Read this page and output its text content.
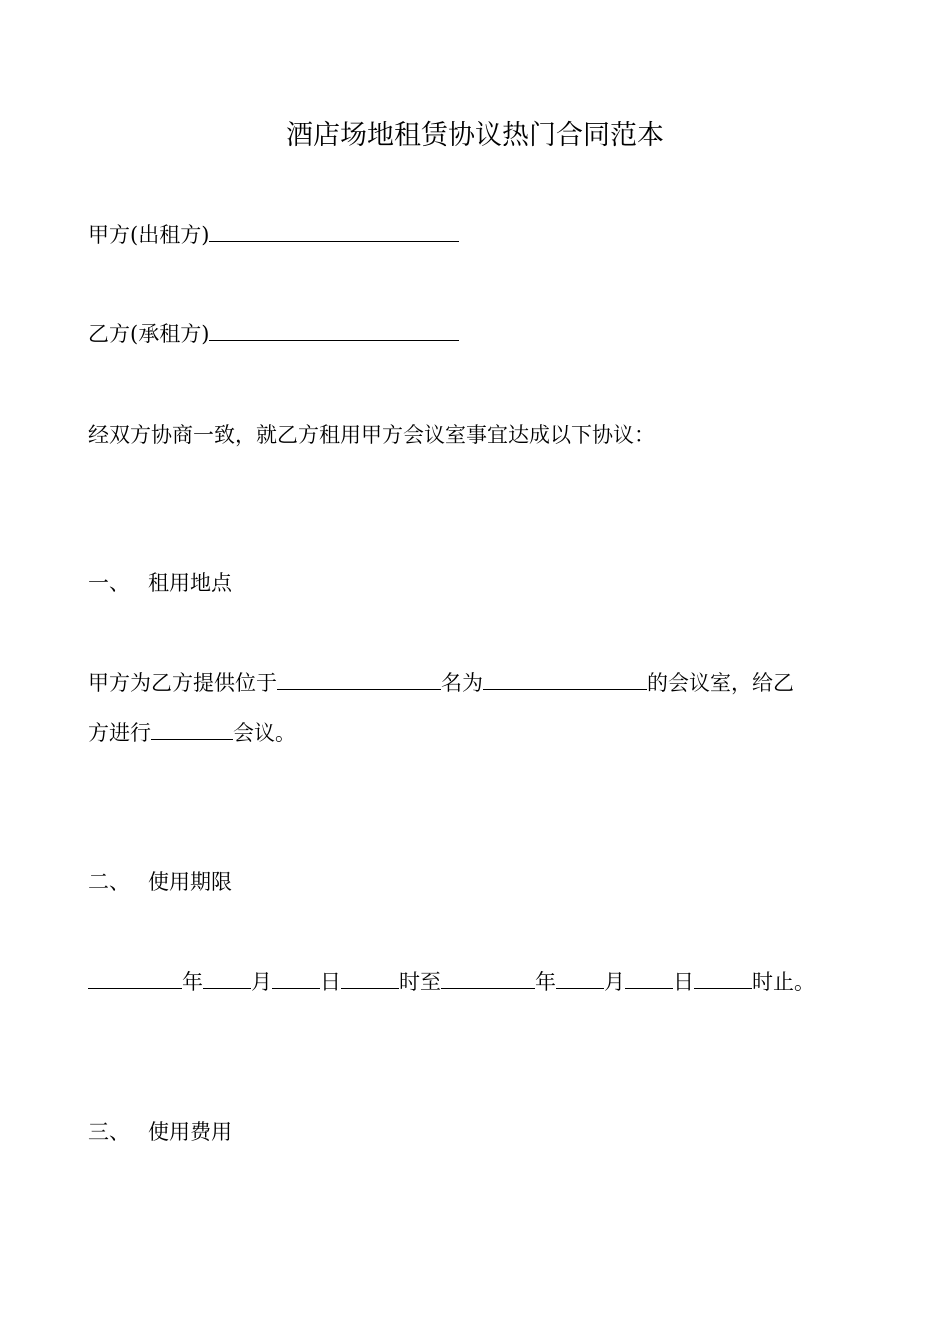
酒店场地租赁协议热门合同范本
甲方(出租方)
乙方(承租方)
经双方协商一致，就乙方租用甲方会议室事宜达成以下协议：
一、 租用地点
甲方为乙方提供位于	名为	的会议室，给乙
方进行	会议。
二、 使用期限
年 月 日	时至	年 月 日	时止。
三、 使用费用
